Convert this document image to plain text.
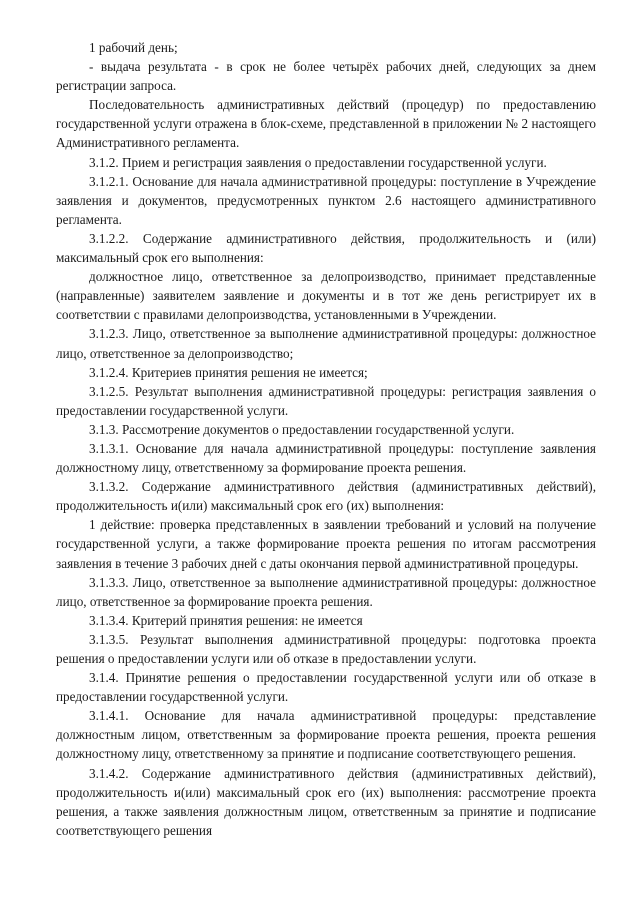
1 рабочий день;

- выдача результата - в срок не более четырёх рабочих дней, следующих за днем регистрации запроса.

Последовательность административных действий (процедур) по предоставлению государственной услуги отражена в блок-схеме, представленной в приложении № 2 настоящего Административного регламента.

3.1.2. Прием и регистрация заявления о предоставлении государственной услуги.

3.1.2.1. Основание для начала административной процедуры: поступление в Учреждение заявления и документов, предусмотренных пунктом 2.6 настоящего административного регламента.

3.1.2.2. Содержание административного действия, продолжительность и (или) максимальный срок его выполнения:

должностное лицо, ответственное за делопроизводство, принимает представленные (направленные) заявителем заявление и документы и в тот же день регистрирует их в соответствии с правилами делопроизводства, установленными в Учреждении.

3.1.2.3. Лицо, ответственное за выполнение административной процедуры: должностное лицо, ответственное за делопроизводство;

3.1.2.4. Критериев принятия решения не имеется;

3.1.2.5. Результат выполнения административной процедуры: регистрация заявления о предоставлении государственной услуги.

3.1.3. Рассмотрение документов о предоставлении государственной услуги.

3.1.3.1. Основание для начала административной процедуры: поступление заявления должностному лицу, ответственному за формирование проекта решения.

3.1.3.2. Содержание административного действия (административных действий), продолжительность и(или) максимальный срок его (их) выполнения:

1 действие: проверка представленных в заявлении требований и условий на получение государственной услуги, а также формирование проекта решения по итогам рассмотрения заявления в течение 3 рабочих дней с даты окончания первой административной процедуры.

3.1.3.3. Лицо, ответственное за выполнение административной процедуры: должностное лицо, ответственное за формирование проекта решения.

3.1.3.4. Критерий принятия решения: не имеется

3.1.3.5. Результат выполнения административной процедуры: подготовка проекта решения о предоставлении услуги или об отказе в предоставлении услуги.

3.1.4. Принятие решения о предоставлении государственной услуги или об отказе в предоставлении государственной услуги.

3.1.4.1. Основание для начала административной процедуры: представление должностным лицом, ответственным за формирование проекта решения, проекта решения должностному лицу, ответственному за принятие и подписание соответствующего решения.

3.1.4.2. Содержание административного действия (административных действий), продолжительность и(или) максимальный срок его (их) выполнения: рассмотрение проекта решения, а также заявления должностным лицом, ответственным за принятие и подписание соответствующего решения
